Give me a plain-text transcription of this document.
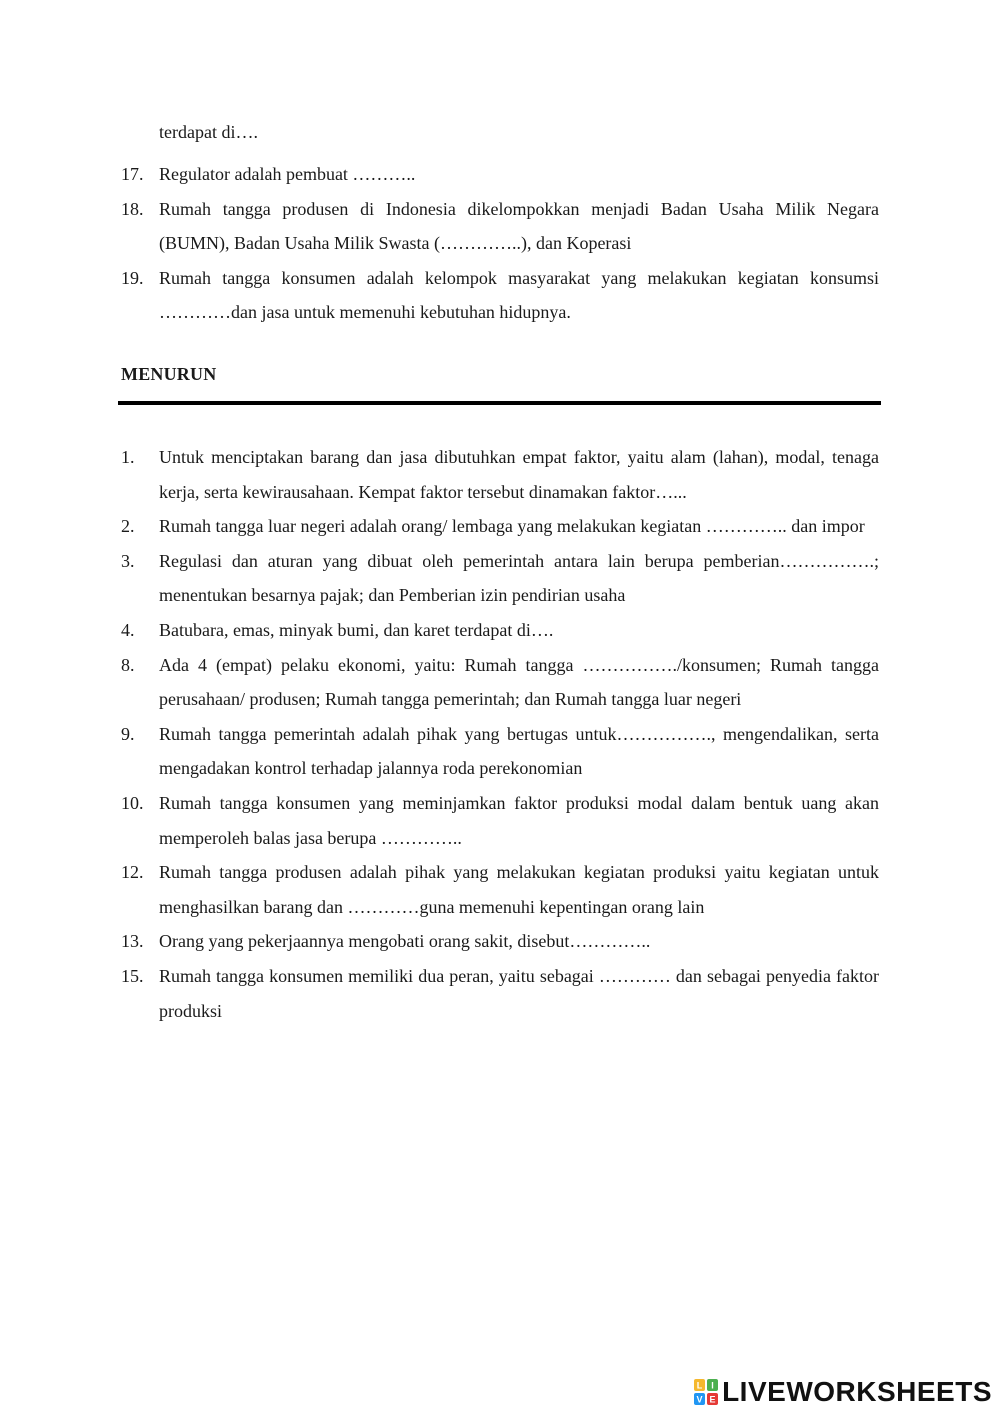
terdapat di….
17. Regulator adalah pembuat ………..
18. Rumah tangga produsen di Indonesia dikelompokkan menjadi Badan Usaha Milik Negara (BUMN), Badan Usaha Milik Swasta (…………..), dan Koperasi
19. Rumah tangga konsumen adalah kelompok masyarakat yang melakukan kegiatan konsumsi …………dan jasa untuk memenuhi kebutuhan hidupnya.
MENURUN
1. Untuk menciptakan barang dan jasa dibutuhkan empat faktor, yaitu alam (lahan), modal, tenaga kerja, serta kewirausahaan. Kempat faktor tersebut dinamakan faktor…...
2. Rumah tangga luar negeri adalah orang/ lembaga yang melakukan kegiatan ………….. dan impor
3. Regulasi dan aturan yang dibuat oleh pemerintah antara lain berupa pemberian…………….; menentukan besarnya pajak; dan Pemberian izin pendirian usaha
4. Batubara, emas, minyak bumi, dan karet terdapat di….
8. Ada 4 (empat) pelaku ekonomi, yaitu: Rumah tangga ……………./konsumen; Rumah tangga perusahaan/ produsen; Rumah tangga pemerintah; dan Rumah tangga luar negeri
9. Rumah tangga pemerintah adalah pihak yang bertugas untuk……………., mengendalikan, serta mengadakan kontrol terhadap jalannya roda perekonomian
10. Rumah tangga konsumen yang meminjamkan faktor produksi modal dalam bentuk uang akan memperoleh balas jasa berupa …………..
12. Rumah tangga produsen adalah pihak yang melakukan kegiatan produksi yaitu kegiatan untuk menghasilkan barang dan …………guna memenuhi kepentingan orang lain
13. Orang yang pekerjaannya mengobati orang sakit, disebut…………..
15. Rumah tangga konsumen memiliki dua peran, yaitu sebagai ………… dan sebagai penyedia faktor produksi
L I
V E LIVEWORKSHEETS
